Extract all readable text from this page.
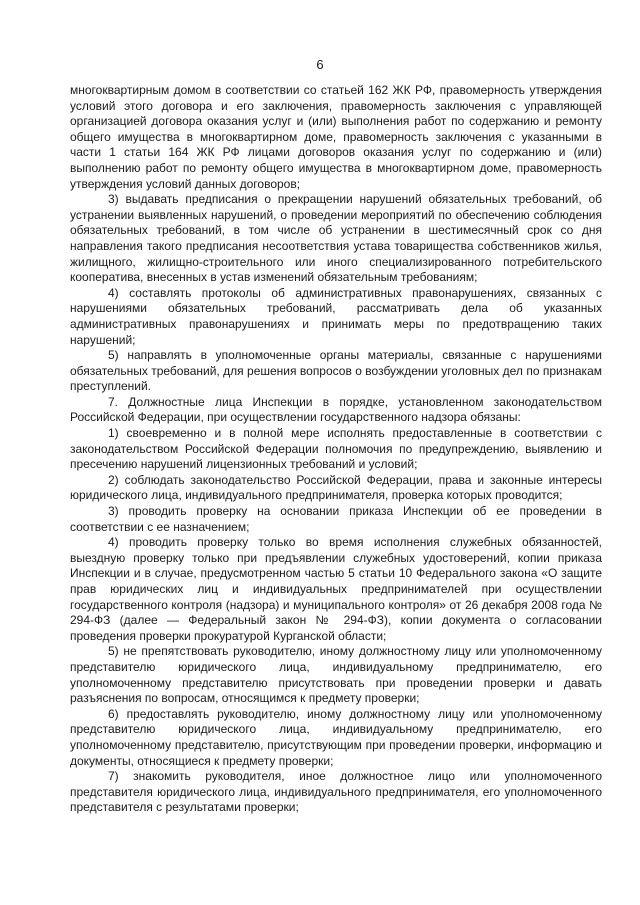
6

многоквартирным домом в соответствии со статьей 162 ЖК РФ, правомерность утверждения условий этого договора и его заключения, правомерность заключения с управляющей организацией договора оказания услуг и (или) выполнения работ по содержанию и ремонту общего имущества в многоквартирном доме, правомерность заключения с указанными в части 1 статьи 164 ЖК РФ лицами договоров оказания услуг по содержанию и (или) выполнению работ по ремонту общего имущества в многоквартирном доме, правомерность утверждения условий данных договоров;

3) выдавать предписания о прекращении нарушений обязательных требований, об устранении выявленных нарушений, о проведении мероприятий по обеспечению соблюдения обязательных требований, в том числе об устранении в шестимесячный срок со дня направления такого предписания несоответствия устава товарищества собственников жилья, жилищного, жилищно-строительного или иного специализированного потребительского кооператива, внесенных в устав изменений обязательным требованиям;

4) составлять протоколы об административных правонарушениях, связанных с нарушениями обязательных требований, рассматривать дела об указанных административных правонарушениях и принимать меры по предотвращению таких нарушений;

5) направлять в уполномоченные органы материалы, связанные с нарушениями обязательных требований, для решения вопросов о возбуждении уголовных дел по признакам преступлений.

7. Должностные лица Инспекции в порядке, установленном законодательством Российской Федерации, при осуществлении государственного надзора обязаны:

1) своевременно и в полной мере исполнять предоставленные в соответствии с законодательством Российской Федерации полномочия по предупреждению, выявлению и пресечению нарушений лицензионных требований и условий;

2) соблюдать законодательство Российской Федерации, права и законные интересы юридического лица, индивидуального предпринимателя, проверка которых проводится;

3) проводить проверку на основании приказа Инспекции об ее проведении в соответствии с ее назначением;

4) проводить проверку только во время исполнения служебных обязанностей, выездную проверку только при предъявлении служебных удостоверений, копии приказа Инспекции и в случае, предусмотренном частью 5 статьи 10 Федерального закона «О защите прав юридических лиц и индивидуальных предпринимателей при осуществлении государственного контроля (надзора) и муниципального контроля» от 26 декабря 2008 года № 294-ФЗ (далее — Федеральный закон № 294-ФЗ), копии документа о согласовании проведения проверки прокуратурой Курганской области;

5) не препятствовать руководителю, иному должностному лицу или уполномоченному представителю юридического лица, индивидуальному предпринимателю, его уполномоченному представителю присутствовать при проведении проверки и давать разъяснения по вопросам, относящимся к предмету проверки;

6) предоставлять руководителю, иному должностному лицу или уполномоченному представителю юридического лица, индивидуальному предпринимателю, его уполномоченному представителю, присутствующим при проведении проверки, информацию и документы, относящиеся к предмету проверки;

7) знакомить руководителя, иное должностное лицо или уполномоченного представителя юридического лица, индивидуального предпринимателя, его уполномоченного представителя с результатами проверки;
